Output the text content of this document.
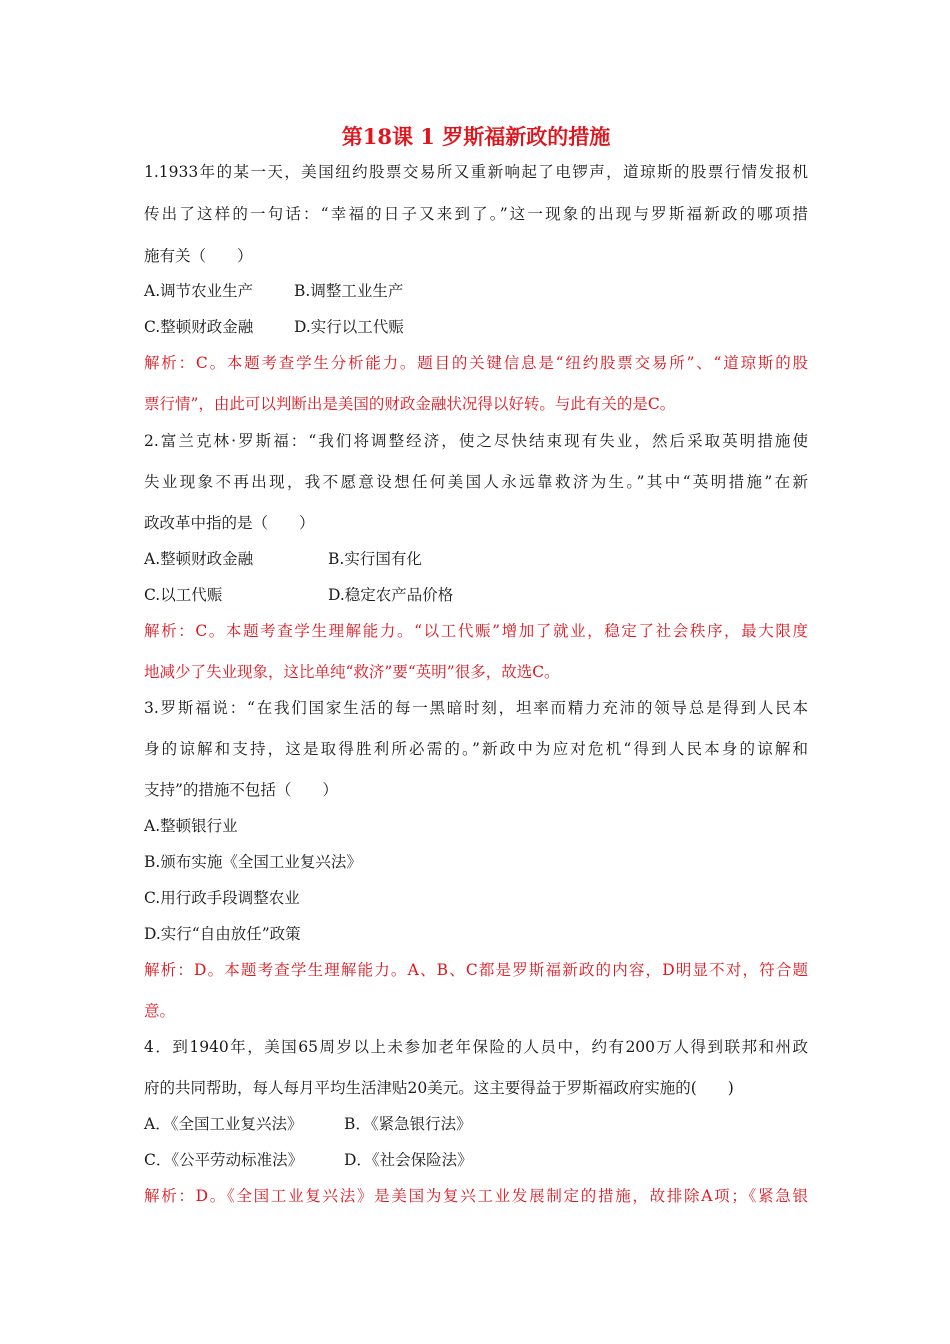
第18课 1 罗斯福新政的措施

1.1933年的某一天，美国纽约股票交易所又重新响起了电锣声，道琼斯的股票行情发报机

传出了这样的一句话：“幸福的日子又来到了。”这一现象的出现与罗斯福新政的哪项措

施有关（　　）

A.调节农业生产	B.调整工业生产

C.整顿财政金融	D.实行以工代赈

解析：C。本题考查学生分析能力。题目的关键信息是“纽约股票交易所”、“道琼斯的股

票行情”，由此可以判断出是美国的财政金融状况得以好转。与此有关的是C。

2.富兰克林·罗斯福：“我们将调整经济，使之尽快结束现有失业，然后采取英明措施使

失业现象不再出现，我不愿意设想任何美国人永远靠救济为生。”其中“英明措施”在新

政改革中指的是（　　）

A.整顿财政金融	B.实行国有化

C.以工代赈	D.稳定农产品价格

解析：C。本题考查学生理解能力。“以工代赈”增加了就业，稳定了社会秩序，最大限度

地减少了失业现象，这比单纯“救济”要“英明”很多，故选C。

3.罗斯福说：“在我们国家生活的每一黑暗时刻，坦率而精力充沛的领导总是得到人民本

身的谅解和支持，这是取得胜利所必需的。”新政中为应对危机“得到人民本身的谅解和

支持”的措施不包括（　　）

A.整顿银行业

B.颁布实施《全国工业复兴法》

C.用行政手段调整农业

D.实行“自由放任”政策

解析：D。本题考查学生理解能力。A、B、C都是罗斯福新政的内容，D明显不对，符合题

意。

4．到1940年，美国65周岁以上未参加老年保险的人员中，约有200万人得到联邦和州政

府的共同帮助，每人每月平均生活津贴20美元。这主要得益于罗斯福政府实施的(　　)

A．《全国工业复兴法》	B．《紧急银行法》

C．《公平劳动标准法》	D．《社会保险法》

解析：D。《全国工业复兴法》是美国为复兴工业发展制定的措施，故排除A项；《紧急银
